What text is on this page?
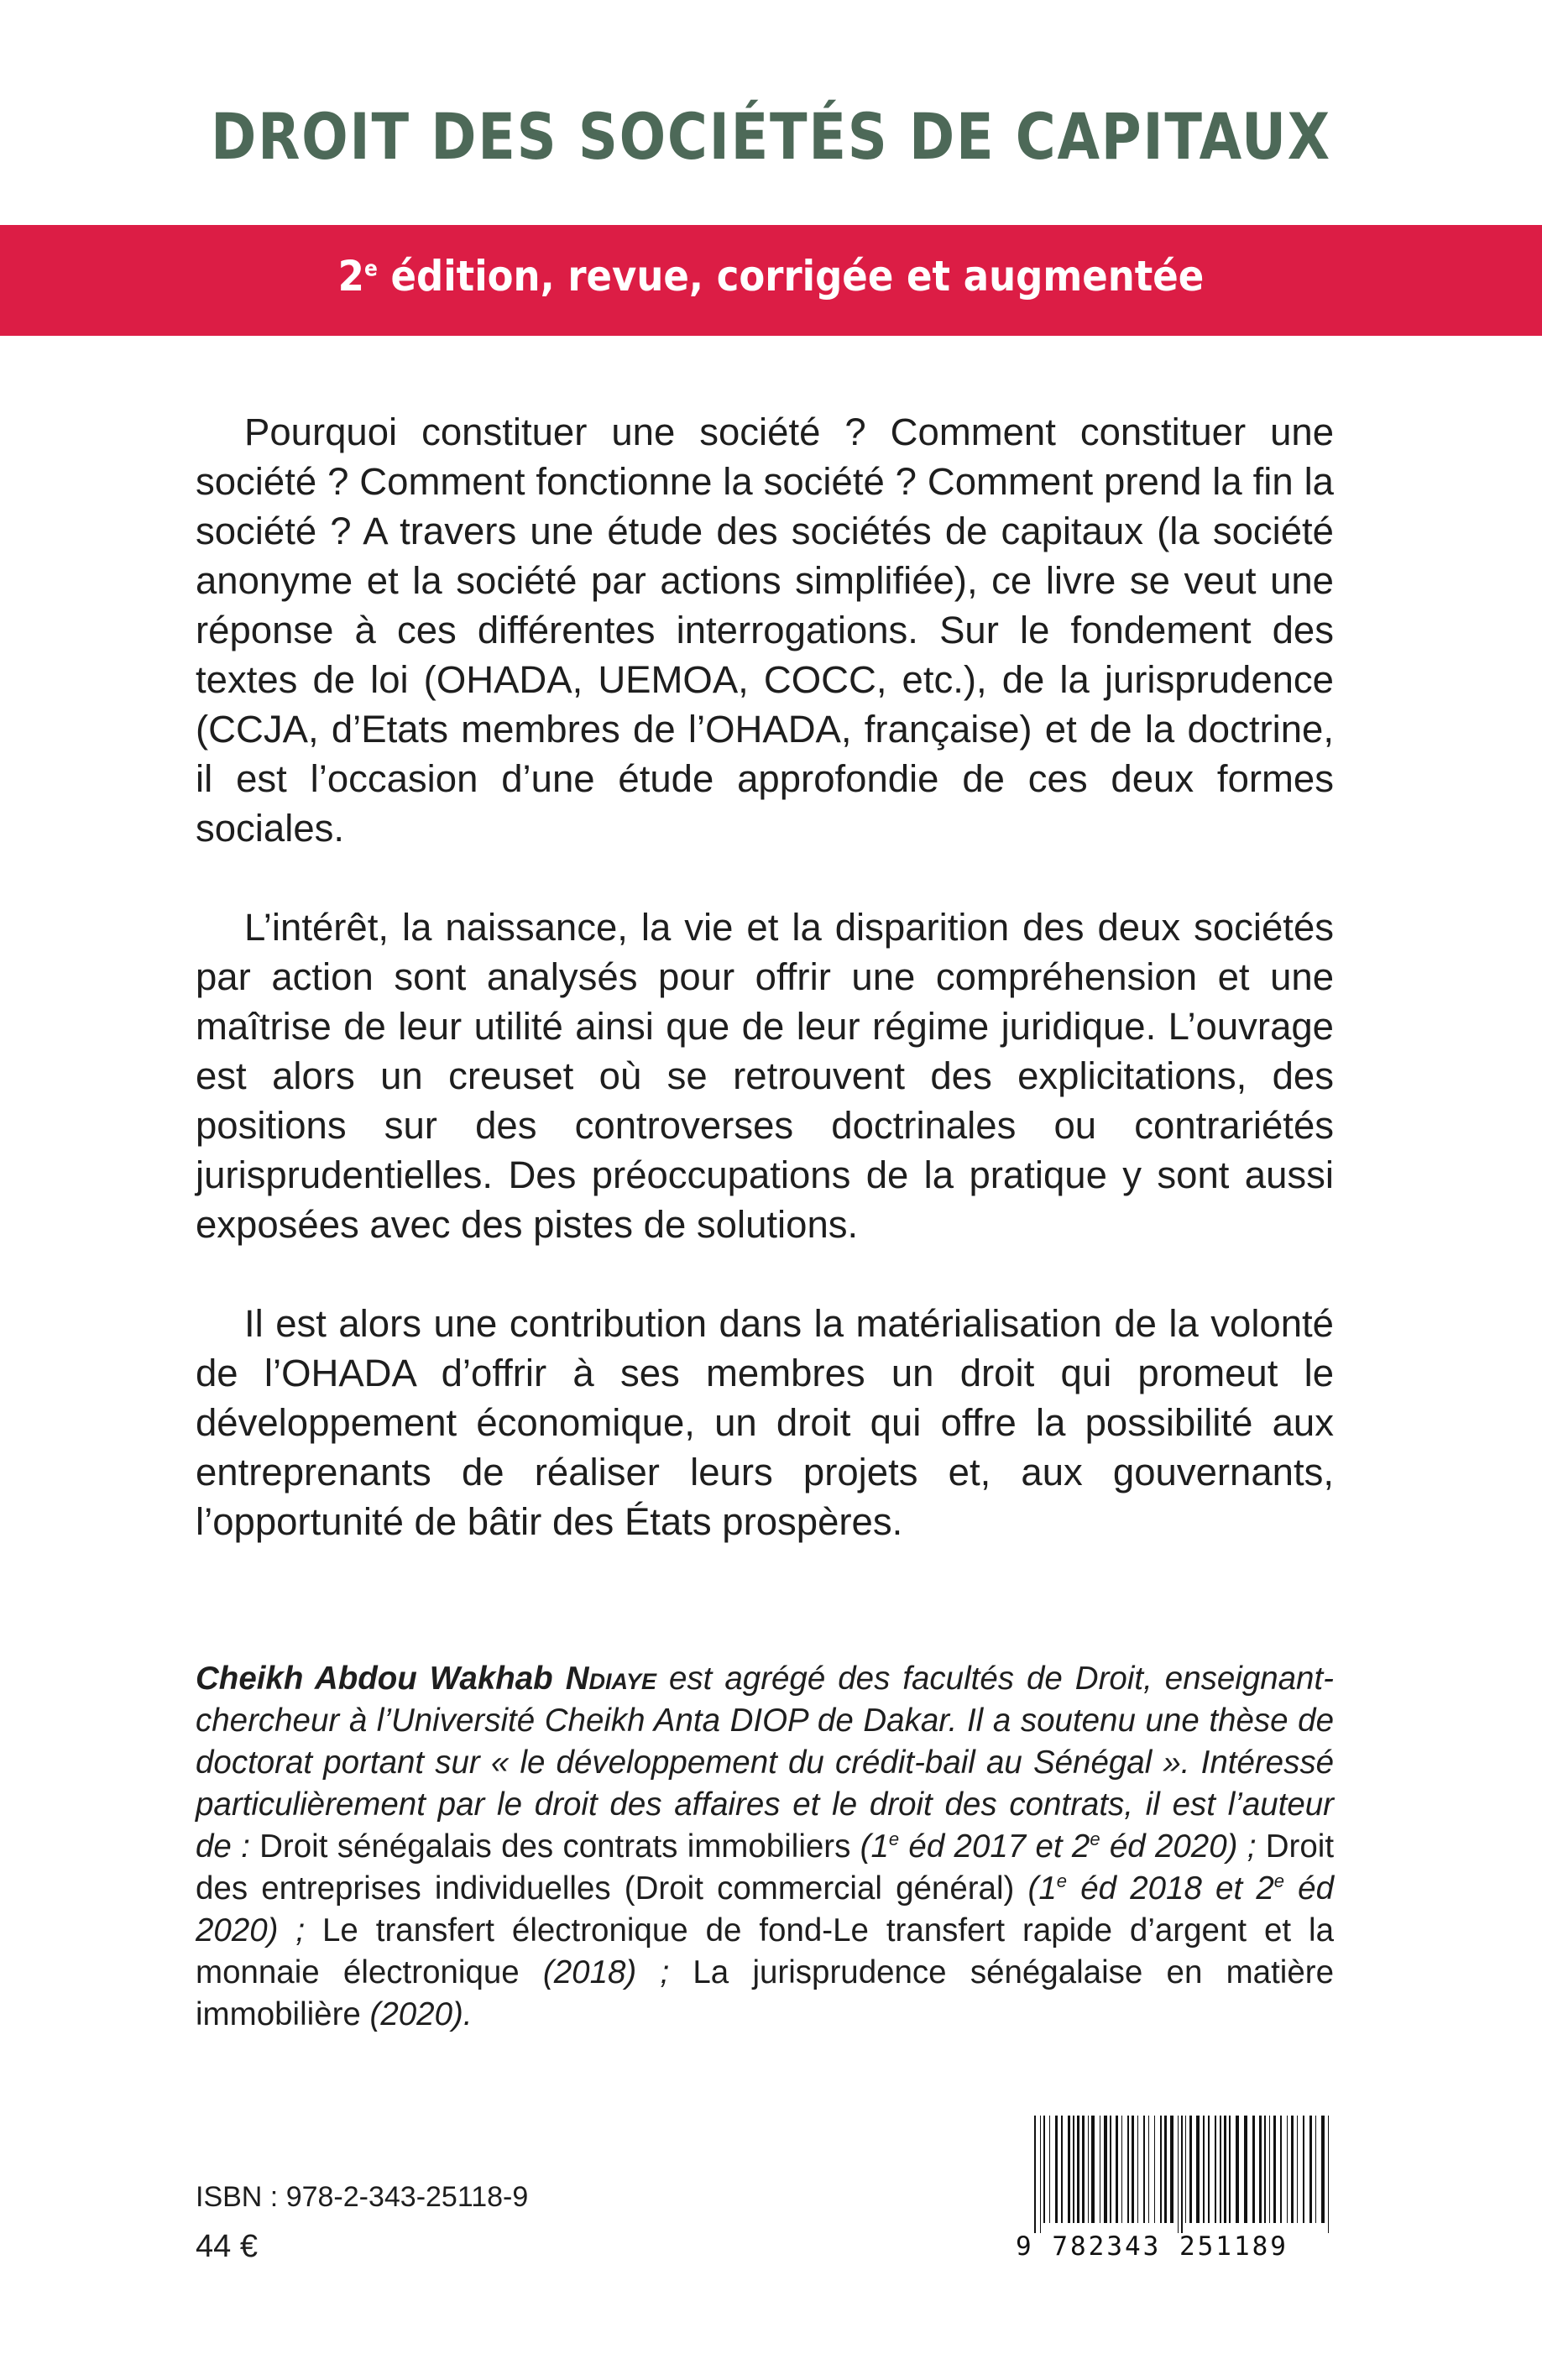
DROIT DES SOCIÉTÉS DE CAPITAUX
2e édition, revue, corrigée et augmentée

Pourquoi constituer une société ? Comment constituer une société ? Comment fonctionne la société ? Comment prend la fin la société ? A travers une étude des sociétés de capitaux (la société anonyme et la société par actions simplifiée), ce livre se veut une réponse à ces différentes interrogations. Sur le fondement des textes de loi (OHADA, UEMOA, COCC, etc.), de la jurisprudence (CCJA, d’Etats membres de l’OHADA, française) et de la doctrine, il est l’occasion d’une étude approfondie de ces deux formes sociales.

L’intérêt, la naissance, la vie et la disparition des deux sociétés par action sont analysés pour offrir une compréhension et une maîtrise de leur utilité ainsi que de leur régime juridique. L’ouvrage est alors un creuset où se retrouvent des explicitations, des positions sur des controverses doctrinales ou contrariétés jurisprudentielles. Des préoccupations de la pratique y sont aussi exposées avec des pistes de solutions.

Il est alors une contribution dans la matérialisation de la volonté de l’OHADA d’offrir à ses membres un droit qui promeut le développement économique, un droit qui offre la possibilité aux entreprenants de réaliser leurs projets et, aux gouvernants, l’opportunité de bâtir des États prospères.

Cheikh Abdou Wakhab Ndiaye est agrégé des facultés de Droit, enseignant-chercheur à l’Université Cheikh Anta DIOP de Dakar. Il a soutenu une thèse de doctorat portant sur « le développement du crédit-bail au Sénégal ». Intéressé particulièrement par le droit des affaires et le droit des contrats, il est l’auteur de : Droit sénégalais des contrats immobiliers (1e éd 2017 et 2e éd 2020) ; Droit des entreprises individuelles (Droit commercial général) (1e éd 2018 et 2e éd 2020) ; Le transfert électronique de fond-Le transfert rapide d’argent et la monnaie électronique (2018) ; La jurisprudence sénégalaise en matière immobilière (2020).
ISBN : 978-2-343-25118-9
44 €	9 782343 251189
